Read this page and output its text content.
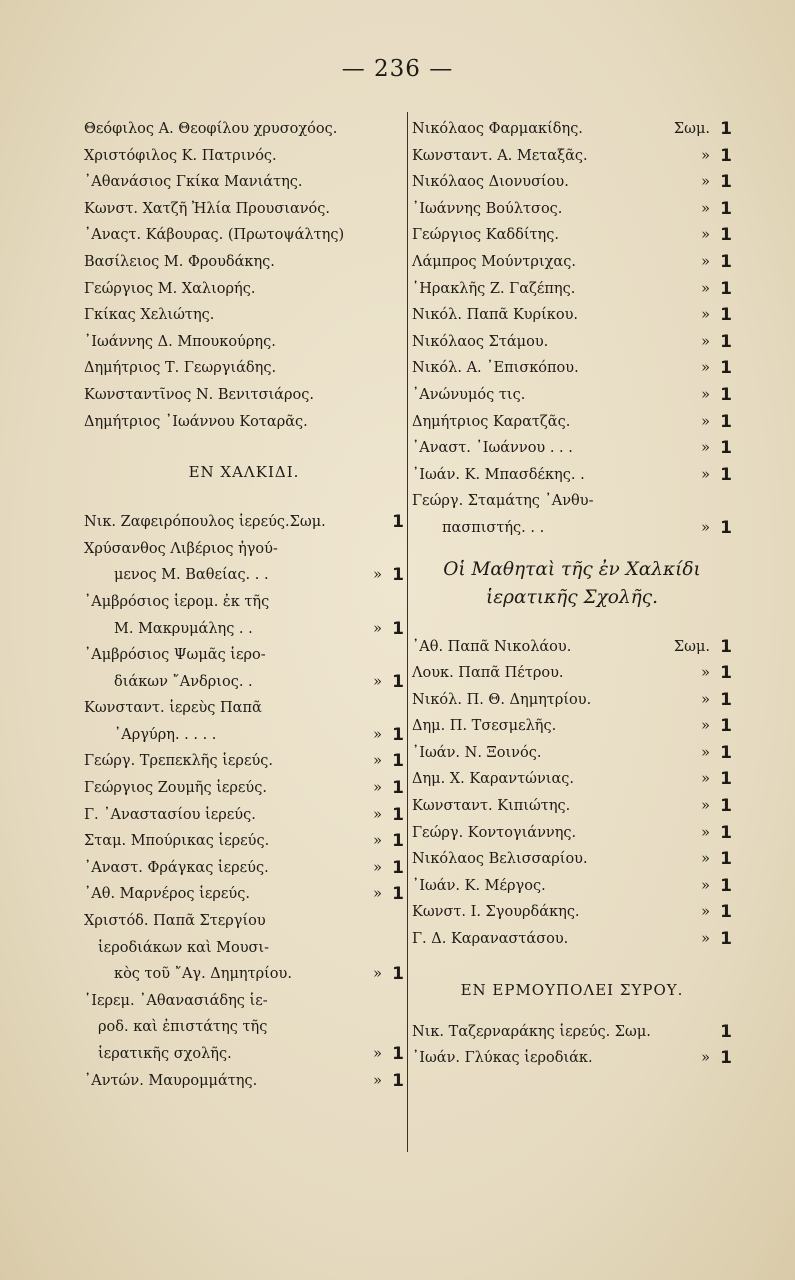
— 236 —
Θεόφιλος Α. Θεοφίλου χρυσοχόος.
Χριστόφιλος Κ. Πατρινός.
᾿Αθανάσιος Γκίκα Μανιάτης.
Κωνστ. Χατζῆ Ἠλία Προυσιανός.
᾿Αναςτ. Κάβουρας. (Πρωτοψάλτης)
Βασίλειος Μ. Φρουδάκης.
Γεώργιος Μ. Χαλιορής.
Γκίκας Χελιώτης.
᾿Ιωάννης Δ. Μπουκούρης.
Δημήτριος Τ. Γεωργιάδης.
Κωνσταντῖνος Ν. Βενιτσιάρος.
Δημήτριος ᾿Ιωάννου Κοταρᾶς.
ΕΝ ΧΑΛΚΙΔΙ.
Νικ. Ζαφειρόπουλος ἱερεύς.Σωμ.	1
Χρύσανθος Λιβέριος ἡγού-
μενος Μ. Βαθείας. . .	» 1
᾿Αμβρόσιος ἱερομ. ἐκ τῆς
Μ. Μακρυμάλης . .	» 1
᾿Αμβρόσιος Ψωμᾶς ἱερο-
διάκων ῎Ανδριος. .	» 1
Κωνσταντ. ἱερεὺς Παπᾶ
᾿Αργύρη. . . . .	» 1
Γεώργ. Τρεπεκλῆς ἱερεύς.	» 1
Γεώργιος Ζουμῆς ἱερεύς.	» 1
Γ. ᾿Αναστασίου ἱερεύς.	» 1
Σταμ. Μπούρικας ἱερεύς.	» 1
᾿Αναστ. Φράγκας ἱερεύς.	» 1
᾿Αθ. Μαρνέρος ἱερεύς.	» 1
Χριστόδ. Παπᾶ Στεργίου
ἱεροδιάκων καὶ Μουσι-
κὸς τοῦ ῎Αγ. Δημητρίου.	» 1
῾Ιερεμ. ᾿Αθανασιάδης ἱε-
ροδ. καὶ ἐπιστάτης τῆς
ἱερατικῆς σχολῆς.	» 1
᾿Αντών. Μαυρομμάτης.	» 1
Νικόλαος Φαρμακίδης.	Σωμ. 1
Κωνσταντ. Α. Μεταξᾶς.	» 1
Νικόλαος Διονυσίου.	» 1
᾿Ιωάννης Βούλτσος.	» 1
Γεώργιος Καδδίτης.	» 1
Λάμπρος Μούντριχας.	» 1
῾Ηρακλῆς Ζ. Γαζέπης.	» 1
Νικόλ. Παπᾶ Κυρίκου.	» 1
Νικόλαος Στάμου.	» 1
Νικόλ. Α. ᾿Επισκόπου.	» 1
᾿Ανώνυμός τις.	» 1
Δημήτριος Καρατζᾶς.	» 1
᾿Αναστ. ᾿Ιωάννου . . .	» 1
᾿Ιωάν. Κ. Μπασδέκης. .	» 1
Γεώργ. Σταμάτης ᾿Ανθυ-
πασπιστής. . .	» 1
Οἱ Μαθηταὶ τῆς ἐν Χαλκίδι
ἱερατικῆς Σχολῆς.
᾿Αθ. Παπᾶ Νικολάου.	Σωμ. 1
Λουκ. Παπᾶ Πέτρου.	» 1
Νικόλ. Π. Θ. Δημητρίου.	» 1
Δημ. Π. Τσεσμελῆς.	» 1
᾿Ιωάν. Ν. Ξοινός.	» 1
Δημ. Χ. Καραντώνιας.	» 1
Κωνσταντ. Κιπιώτης.	» 1
Γεώργ. Κοντογιάννης.	» 1
Νικόλαος Βελισσαρίου.	» 1
᾿Ιωάν. Κ. Μέργος.	» 1
Κωνστ. Ι. Σγουρδάκης.	» 1
Γ. Δ. Καραναστάσου.	» 1
ΕΝ ΕΡΜΟΥΠΟΛΕΙ ΣΥΡΟΥ.
Νικ. Ταζερναράκης ἱερεύς. Σωμ.	1
᾿Ιωάν. Γλύκας ἱεροδιάκ.	» 1
